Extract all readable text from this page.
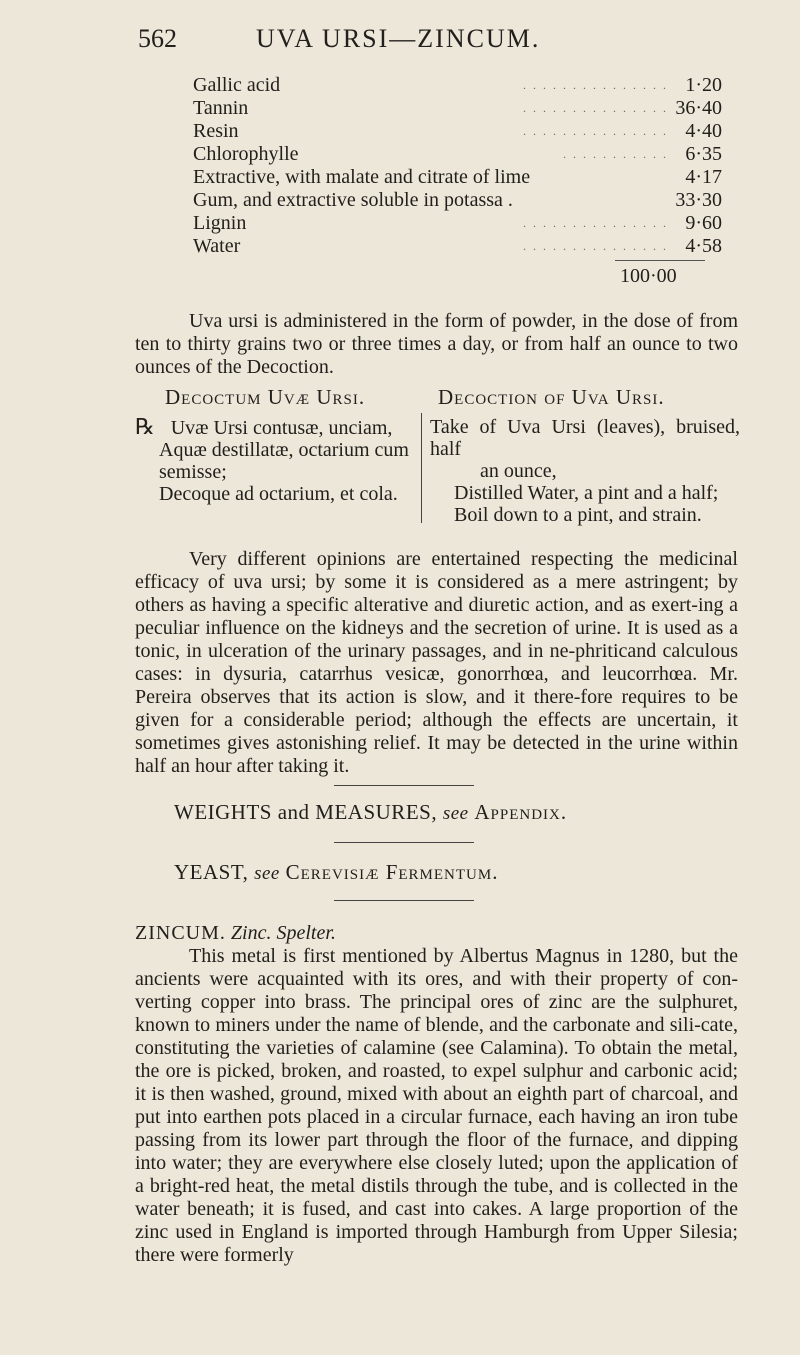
562	UVA URSI—ZINCUM.
. . . . . . . . . . . . . . .
Gallic acid	1·20
. . . . . . . . . . . . . . .
Tannin	36·40
. . . . . . . . . . . . . . .
Resin	4·40
. . . . . . . . . . .
Chlorophylle	6·35
Extractive, with malate and citrate of lime	4·17
Gum, and extractive soluble in potassa .	33·30
. . . . . . . . . . . . . . .
Lignin	9·60
. . . . . . . . . . . . . . .
Water	4·58
100·00
Uva ursi is administered in the form of powder, in the dose of from ten to thirty grains two or three times a day, or from half an ounce to two ounces of the Decoction.
Decoctum Uvæ Ursi.
℞ Uvæ Ursi contusæ, unciam,
Aquæ destillatæ, octarium cum
semisse;
Decoque ad octarium, et cola.
Decoction of Uva Ursi.
Take of Uva Ursi (leaves), bruised, half
an ounce,
Distilled Water, a pint and a half;
Boil down to a pint, and strain.
Very different opinions are entertained respecting the medicinal efficacy of uva ursi; by some it is considered as a mere astringent; by others as having a specific alterative and diuretic action, and as exert-ing a peculiar influence on the kidneys and the secretion of urine. It is used as a tonic, in ulceration of the urinary passages, and in ne-phriticand calculous cases: in dysuria, catarrhus vesicæ, gonorrhœa, and leucorrhœa. Mr. Pereira observes that its action is slow, and it there-fore requires to be given for a considerable period; although the effects are uncertain, it sometimes gives astonishing relief. It may be detected in the urine within half an hour after taking it.
WEIGHTS and MEASURES, see Appendix.
YEAST, see Cerevisiæ Fermentum.
ZINCUM. Zinc. Spelter.
This metal is first mentioned by Albertus Magnus in 1280, but the ancients were acquainted with its ores, and with their property of con-verting copper into brass. The principal ores of zinc are the sulphuret, known to miners under the name of blende, and the carbonate and sili-cate, constituting the varieties of calamine (see Calamina). To obtain the metal, the ore is picked, broken, and roasted, to expel sulphur and carbonic acid; it is then washed, ground, mixed with about an eighth part of charcoal, and put into earthen pots placed in a circular furnace, each having an iron tube passing from its lower part through the floor of the furnace, and dipping into water; they are everywhere else closely luted; upon the application of a bright-red heat, the metal distils through the tube, and is collected in the water beneath; it is fused, and cast into cakes. A large proportion of the zinc used in England is imported through Hamburgh from Upper Silesia; there were formerly
